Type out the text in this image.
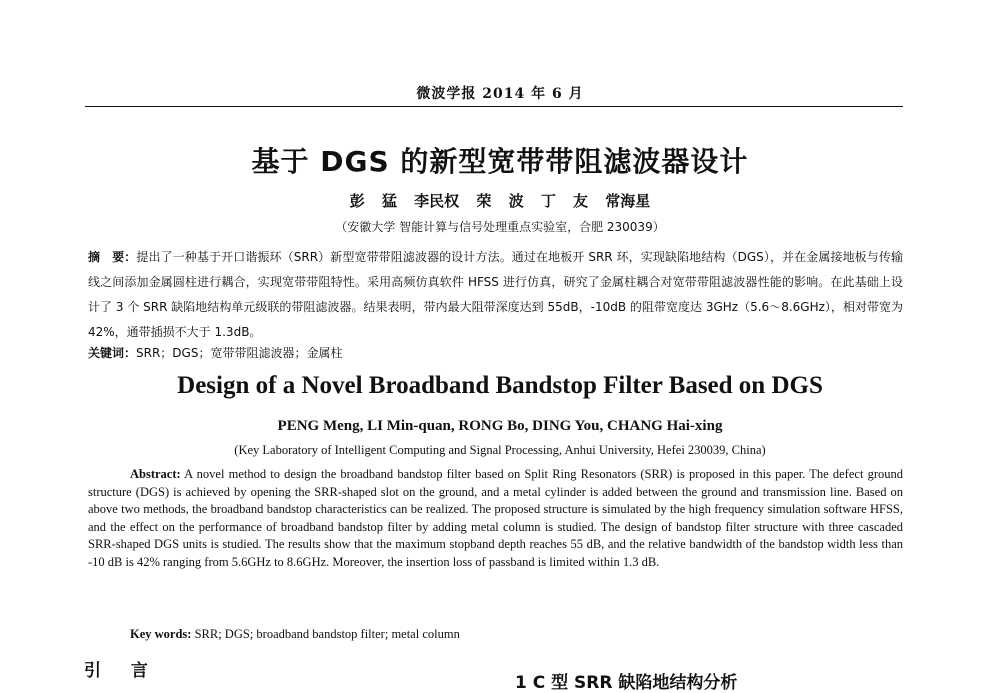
微波学报 2014 年 6 月
基于 DGS 的新型宽带带阻滤波器设计
彭 猛 李民权 荣 波 丁 友 常海星
（安徽大学 智能计算与信号处理重点实验室，合肥 230039）
摘　要：提出了一种基于开口谐振环（SRR）新型宽带带阻滤波器的设计方法。通过在地板开 SRR 环，实现缺陷地结构（DGS），并在金属接地板与传输线之间添加金属圆柱进行耦合，实现宽带带阻特性。采用高频仿真软件 HFSS 进行仿真，研究了金属柱耦合对宽带带阻滤波器性能的影响。在此基础上设计了 3 个 SRR 缺陷地结构单元级联的带阻滤波器。结果表明，带内最大阻带深度达到 55dB，-10dB 的阻带宽度达 3GHz（5.6～8.6GHz），相对带宽为 42%，通带插损不大于 1.3dB。
关键词：SRR；DGS；宽带带阻滤波器；金属柱
Design of a Novel Broadband Bandstop Filter Based on DGS
PENG Meng, LI Min-quan, RONG Bo, DING You, CHANG Hai-xing
(Key Laboratory of Intelligent Computing and Signal Processing, Anhui University, Hefei 230039, China)
Abstract: A novel method to design the broadband bandstop filter based on Split Ring Resonators (SRR) is proposed in this paper. The defect ground structure (DGS) is achieved by opening the SRR-shaped slot on the ground, and a metal cylinder is added between the ground and transmission line. Based on above two methods, the broadband bandstop characteristics can be realized. The proposed structure is simulated by the high frequency simulation software HFSS, and the effect on the performance of broadband bandstop filter by adding metal column is studied. The design of bandstop filter structure with three cascaded SRR-shaped DGS units is studied. The results show that the maximum stopband depth reaches 55 dB, and the relative bandwidth of the bandstop width less than -10 dB is 42% ranging from 5.6GHz to 8.6GHz. Moreover, the insertion loss of passband is limited within 1.3 dB.
Key words: SRR; DGS; broadband bandstop filter; metal column
引 言
1 C 型 SRR 缺陷地结构分析
